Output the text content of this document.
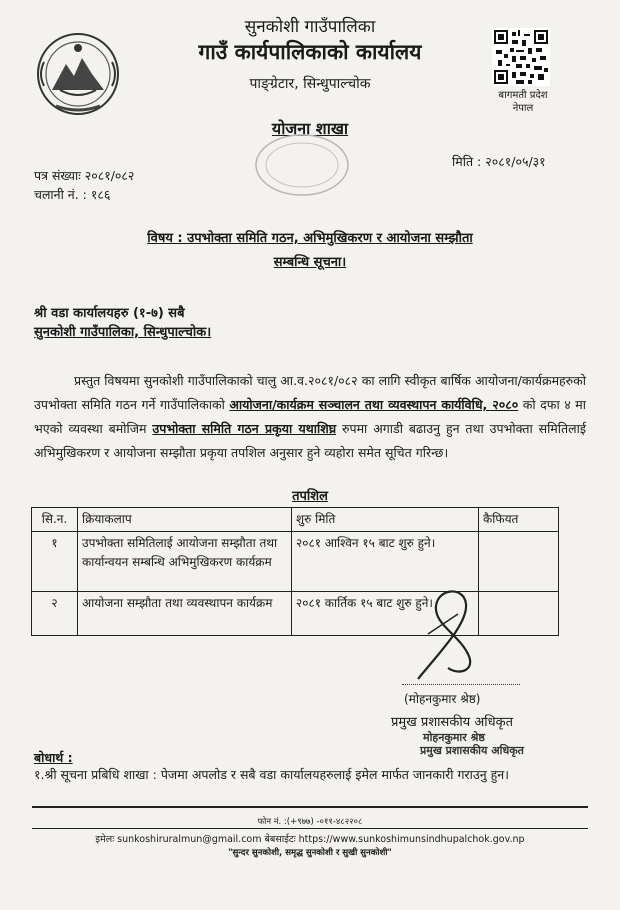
सुनकोशी गाउँपालिका
गाउँ कार्यपालिकाको कार्यालय
पाङ्ग्रेटार, सिन्धुपाल्चोक
बागमती प्रदेश
नेपाल
योजना शाखा
पत्र संख्याः २०८१/०८२
चलानी नं. : १८६
मिति : २०८१/०५/३१
विषय : उपभोक्ता समिति गठन, अभिमुखिकरण र आयोजना सम्झौता
सम्बन्धि सूचना।
श्री वडा कार्यालयहरु (१-७) सबै
सुनकोशी गाउँपालिका, सिन्धुपाल्चोक।
प्रस्तुत विषयमा सुनकोशी गाउँपालिकाको चालु आ.व.२०८१/०८२ का लागि स्वीकृत बार्षिक आयोजना/कार्यक्रमहरुको उपभोक्ता समिति गठन गर्ने गाउँपालिकाको आयोजना/कार्यक्रम सञ्चालन तथा व्यवस्थापन कार्यविधि, २०८० को दफा ४ मा भएको व्यवस्था बमोजिम उपभोक्ता समिति गठन प्रकृया यथाशिघ्र रुपमा अगाडी बढाउनु हुन तथा उपभोक्ता समितिलाई अभिमुखिकरण र आयोजना सम्झौता प्रकृया तपशिल अनुसार हुने व्यहोरा समेत सूचित गरिन्छ।
तपशिल
सि.न.	क्रियाकलाप	शुरु मिति	कैफियत
१	उपभोक्ता समितिलाई आयोजना सम्झौता तथा कार्यान्वयन सम्बन्धि अभिमुखिकरण कार्यक्रम	२०८१ आश्विन १५ बाट शुरु हुने।	
२	आयोजना सम्झौता तथा व्यवस्थापन कार्यक्रम	२०८१ कार्तिक १५ बाट शुरु हुने।	
(मोहनकुमार श्रेष्ठ)
प्रमुख प्रशासकीय अधिकृत
मोहनकुमार श्रेष्ठ
प्रमुख प्रशासकीय अधिकृत
बोधार्थ :
१.श्री सूचना प्रबिधि शाखा : पेजमा अपलोड र सबै वडा कार्यालयहरुलाई इमेल मार्फत जानकारी गराउनु हुन।
फोन नं. :(+९७७) -०११-४८२२०८
इमेलः sunkoshiruralmun@gmail.com बेबसाईटः https://www.sunkoshimunsindhupalchok.gov.np
"सुन्दर सुनकोशी, समृद्ध सुनकोशी र सुखी सुनकोशी"
